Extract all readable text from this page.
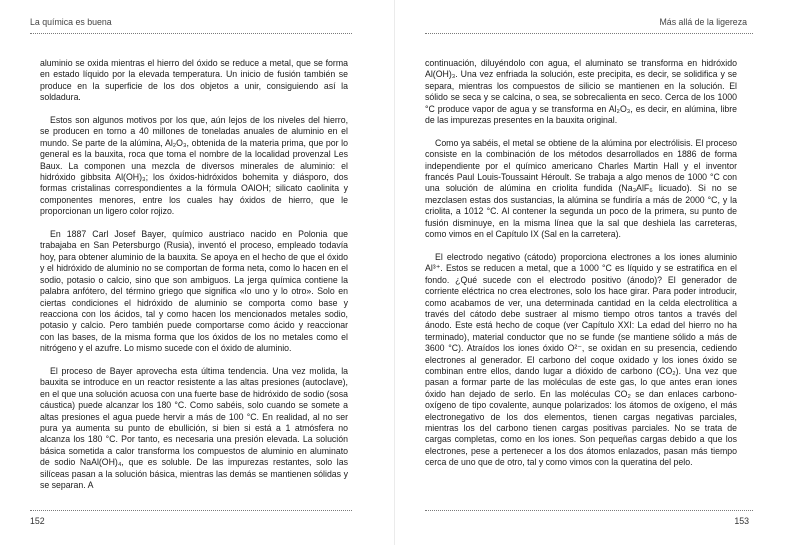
La química es buena

aluminio se oxida mientras el hierro del óxido se reduce a metal, que se forma en estado líquido por la elevada temperatura. Un inicio de fusión también se produce en la superficie de los dos objetos a unir, consiguiendo así la soldadura.

Estos son algunos motivos por los que, aún lejos de los niveles del hierro, se producen en torno a 40 millones de toneladas anuales de aluminio en el mundo. Se parte de la alúmina, Al₂O₃, obtenida de la materia prima, que por lo general es la bauxita, roca que toma el nombre de la localidad provenzal Les Baux. La componen una mezcla de diversos minerales de aluminio: el hidróxido gibbsita Al(OH)₃; los óxidos-hidróxidos bohemita y diásporo, dos formas cristalinas correspondientes a la fórmula OAlOH; silicato caolinita y componentes menores, entre los cuales hay óxidos de hierro, que le proporcionan un ligero color rojizo.

En 1887 Carl Josef Bayer, químico austriaco nacido en Polonia que trabajaba en San Petersburgo (Rusia), inventó el proceso, empleado todavía hoy, para obtener aluminio de la bauxita. Se apoya en el hecho de que el óxido y el hidróxido de aluminio no se comportan de forma neta, como lo hacen en el sodio, potasio o calcio, sino que son ambiguos. La jerga química contiene la palabra anfótero, del término griego que significa «lo uno y lo otro». Solo en ciertas condiciones el hidróxido de aluminio se comporta como base y reacciona con los ácidos, tal y como hacen los mencionados metales sodio, potasio y calcio. Pero también puede comportarse como ácido y reaccionar con las bases, de la misma forma que los óxidos de los no metales como el nitrógeno y el azufre. Lo mismo sucede con el óxido de aluminio.

El proceso de Bayer aprovecha esta última tendencia. Una vez molida, la bauxita se introduce en un reactor resistente a las altas presiones (autoclave), en el que una solución acuosa con una fuerte base de hidróxido de sodio (sosa cáustica) puede alcanzar los 180 °C. Como sabéis, solo cuando se somete a altas presiones el agua puede hervir a más de 100 °C. En realidad, al no ser pura ya aumenta su punto de ebullición, si bien si está a 1 atmósfera no alcanza los 180 °C. Por tanto, es necesaria una presión elevada. La solución básica sometida a calor transforma los compuestos de aluminio en aluminato de sodio NaAl(OH)₄, que es soluble. De las impurezas restantes, solo las silíceas pasan a la solución básica, mientras las demás se mantienen sólidas y se separan. A

152
Más allá de la ligereza

continuación, diluyéndolo con agua, el aluminato se transforma en hidróxido Al(OH)₃. Una vez enfriada la solución, este precipita, es decir, se solidifica y se separa, mientras los compuestos de silicio se mantienen en la solución. El sólido se seca y se calcina, o sea, se sobrecalienta en seco. Cerca de los 1000 °C produce vapor de agua y se transforma en Al₂O₃, es decir, en alúmina, libre de las impurezas presentes en la bauxita original.

Como ya sabéis, el metal se obtiene de la alúmina por electrólisis. El proceso consiste en la combinación de los métodos desarrollados en 1886 de forma independiente por el químico americano Charles Martin Hall y el inventor francés Paul Louis-Toussaint Héroult. Se trabaja a algo menos de 1000 °C con una solución de alúmina en criolita fundida (Na₃AlF₆ licuado). Si no se mezclasen estas dos sustancias, la alúmina se fundiría a más de 2000 °C, y la criolita, a 1012 °C. Al contener la segunda un poco de la primera, su punto de fusión disminuye, en la misma línea que la sal que deshiela las carreteras, como vimos en el Capítulo IX (Sal en la carretera).

El electrodo negativo (cátodo) proporciona electrones a los iones aluminio Al³⁺. Estos se reducen a metal, que a 1000 °C es líquido y se estratifica en el fondo. ¿Qué sucede con el electrodo positivo (ánodo)? El generador de corriente eléctrica no crea electrones, solo los hace girar. Para poder introducir, como acabamos de ver, una determinada cantidad en la celda electrolítica a través del cátodo debe sustraer al mismo tiempo otros tantos a través del ánodo. Este está hecho de coque (ver Capítulo XXI: La edad del hierro no ha terminado), material conductor que no se funde (se mantiene sólido a más de 3600 °C). Atraídos los iones óxido O²⁻, se oxidan en su presencia, cediendo electrones al generador. El carbono del coque oxidado y los iones óxido se combinan entre ellos, dando lugar a dióxido de carbono (CO₂). Una vez que pasan a formar parte de las moléculas de este gas, lo que antes eran iones óxido han dejado de serlo. En las moléculas CO₂ se dan enlaces carbono-oxígeno de tipo covalente, aunque polarizados: los átomos de oxígeno, el más electronegativo de los dos elementos, tienen cargas negativas parciales, mientras los del carbono tienen cargas positivas parciales. No se trata de cargas completas, como en los iones. Son pequeñas cargas debido a que los electrones, pese a pertenecer a los dos átomos enlazados, pasan más tiempo cerca de uno que de otro, tal y como vimos con la queratina del pelo.

153
